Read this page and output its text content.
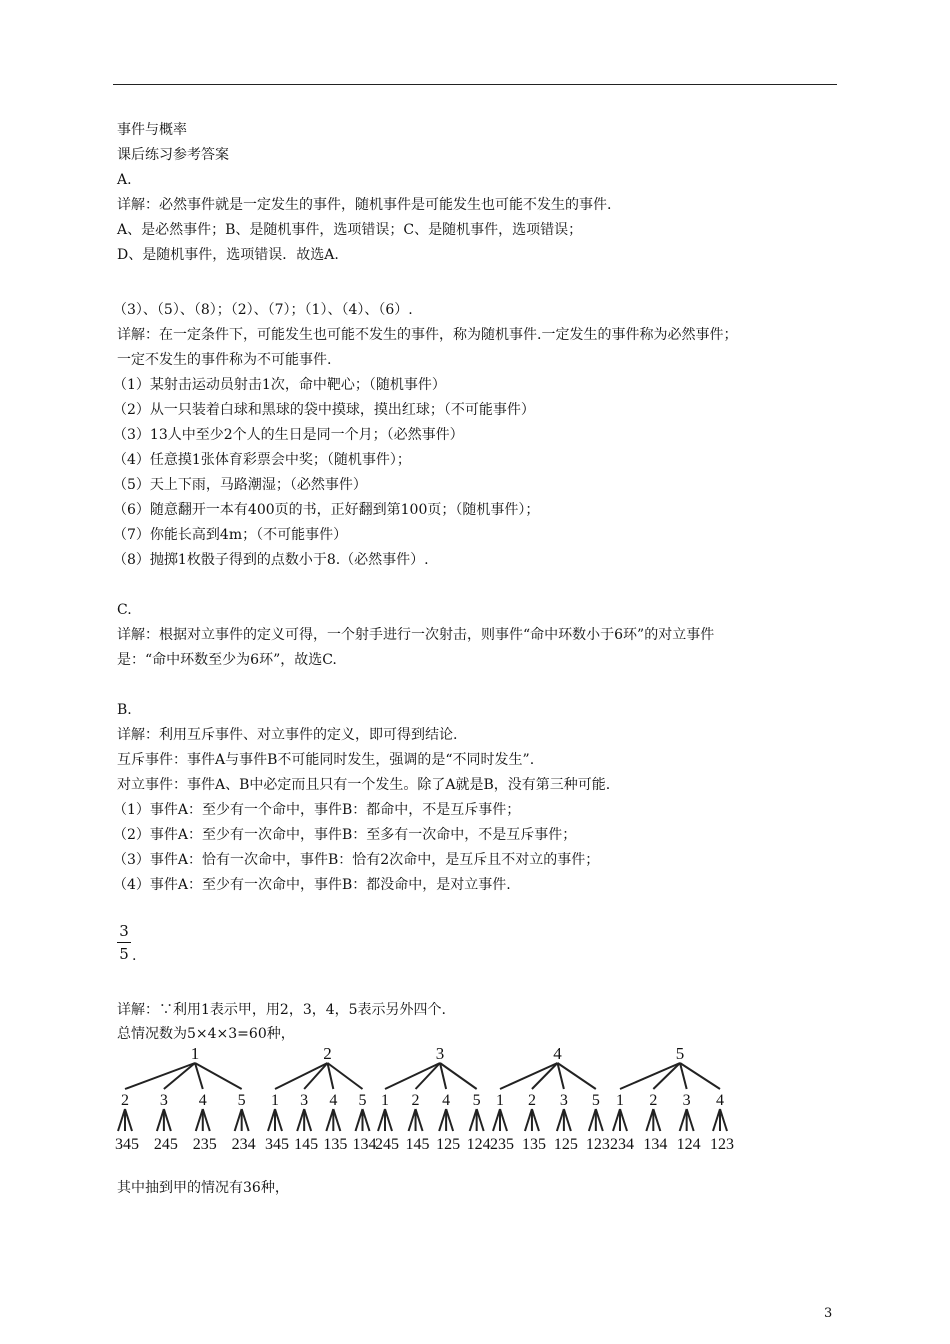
事件与概率
课后练习参考答案
A.
详解：必然事件就是一定发生的事件，随机事件是可能发生也可能不发生的事件.
A、是必然事件；B、是随机事件，选项错误；C、是随机事件，选项错误；
D、是随机事件，选项错误．故选A.
（3）、（5）、（8）；（2）、（7）；（1）、（4）、（6）.
详解：在一定条件下，可能发生也可能不发生的事件，称为随机事件.一定发生的事件称为必然事件；
一定不发生的事件称为不可能事件.
（1）某射击运动员射击1次，命中靶心；（随机事件）
（2）从一只装着白球和黑球的袋中摸球，摸出红球；（不可能事件）
（3）13人中至少2个人的生日是同一个月；（必然事件）
（4）任意摸1张体育彩票会中奖；（随机事件）；
（5）天上下雨，马路潮湿；（必然事件）
（6）随意翻开一本有400页的书，正好翻到第100页；（随机事件）；
（7）你能长高到4m；（不可能事件）
（8）抛掷1枚骰子得到的点数小于8.（必然事件）.
C.
详解：根据对立事件的定义可得，一个射手进行一次射击，则事件“命中环数小于6环”的对立事件
是：“命中环数至少为6环”，故选C.
B.
详解：利用互斥事件、对立事件的定义，即可得到结论.
互斥事件：事件A与事件B不可能同时发生，强调的是“不同时发生”.
对立事件：事件A、B中必定而且只有一个发生。除了A就是B，没有第三种可能.
（1）事件A：至少有一个命中，事件B：都命中，不是互斥事件；
（2）事件A：至少有一次命中，事件B：至多有一次命中，不是互斥事件；
（3）事件A：恰有一次命中，事件B：恰有2次命中，是互斥且不对立的事件；
（4）事件A：至少有一次命中，事件B：都没命中，是对立事件.
3
5 .
详解：∵利用1表示甲，用2，3，4，5表示另外四个.
总情况数为5×4×3=60种，
1
2
345
3
245
4
235
5
234
2
1
345
3
145
4
135
5
134
3
1
245
2
145
4
125
5
124
4
1
235
2
135
3
125
5
123
5
1
234
2
134
3
124
4
123
其中抽到甲的情况有36种，
3
